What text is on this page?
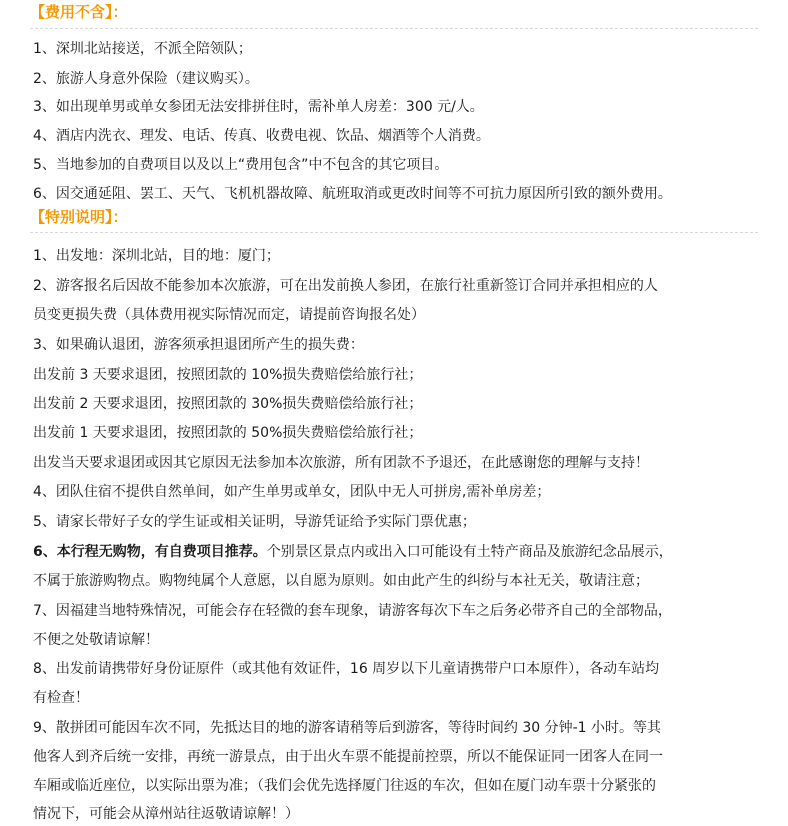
【费用不含】：
1、深圳北站接送，不派全陪领队；
2、旅游人身意外保险（建议购买）。
3、如出现单男或单女参团无法安排拼住时，需补单人房差：300 元/人。
4、酒店内洗衣、理发、电话、传真、收费电视、饮品、烟酒等个人消费。
5、当地参加的自费项目以及以上“费用包含”中不包含的其它项目。
6、因交通延阻、罢工、天气、飞机机器故障、航班取消或更改时间等不可抗力原因所引致的额外费用。
【特别说明】：
1、出发地：深圳北站，目的地：厦门；
2、游客报名后因故不能参加本次旅游，可在出发前换人参团，在旅行社重新签订合同并承担相应的人
员变更损失费（具体费用视实际情况而定，请提前咨询报名处）
3、如果确认退团，游客须承担退团所产生的损失费：
出发前 3 天要求退团，按照团款的 10%损失费赔偿给旅行社；
出发前 2 天要求退团，按照团款的 30%损失费赔偿给旅行社；
出发前 1 天要求退团，按照团款的 50%损失费赔偿给旅行社；
出发当天要求退团或因其它原因无法参加本次旅游，所有团款不予退还，在此感谢您的理解与支持！
4、团队住宿不提供自然单间，如产生单男或单女，团队中无人可拼房,需补单房差；
5、请家长带好子女的学生证或相关证明，导游凭证给予实际门票优惠；
6、本行程无购物，有自费项目推荐。个别景区景点内或出入口可能设有土特产商品及旅游纪念品展示，
不属于旅游购物点。购物纯属个人意愿，以自愿为原则。如由此产生的纠纷与本社无关，敬请注意；
7、因福建当地特殊情况，可能会存在轻微的套车现象，请游客每次下车之后务必带齐自己的全部物品，
不便之处敬请谅解！
8、出发前请携带好身份证原件（或其他有效证件，16 周岁以下儿童请携带户口本原件），各动车站均
有检查！
9、散拼团可能因车次不同，先抵达目的地的游客请稍等后到游客，等待时间约 30 分钟-1 小时。等其
他客人到齐后统一安排，再统一游景点，由于出火车票不能提前控票，所以不能保证同一团客人在同一
车厢或临近座位，以实际出票为准；（我们会优先选择厦门往返的车次，但如在厦门动车票十分紧张的
情况下，可能会从漳州站往返敬请谅解！）
